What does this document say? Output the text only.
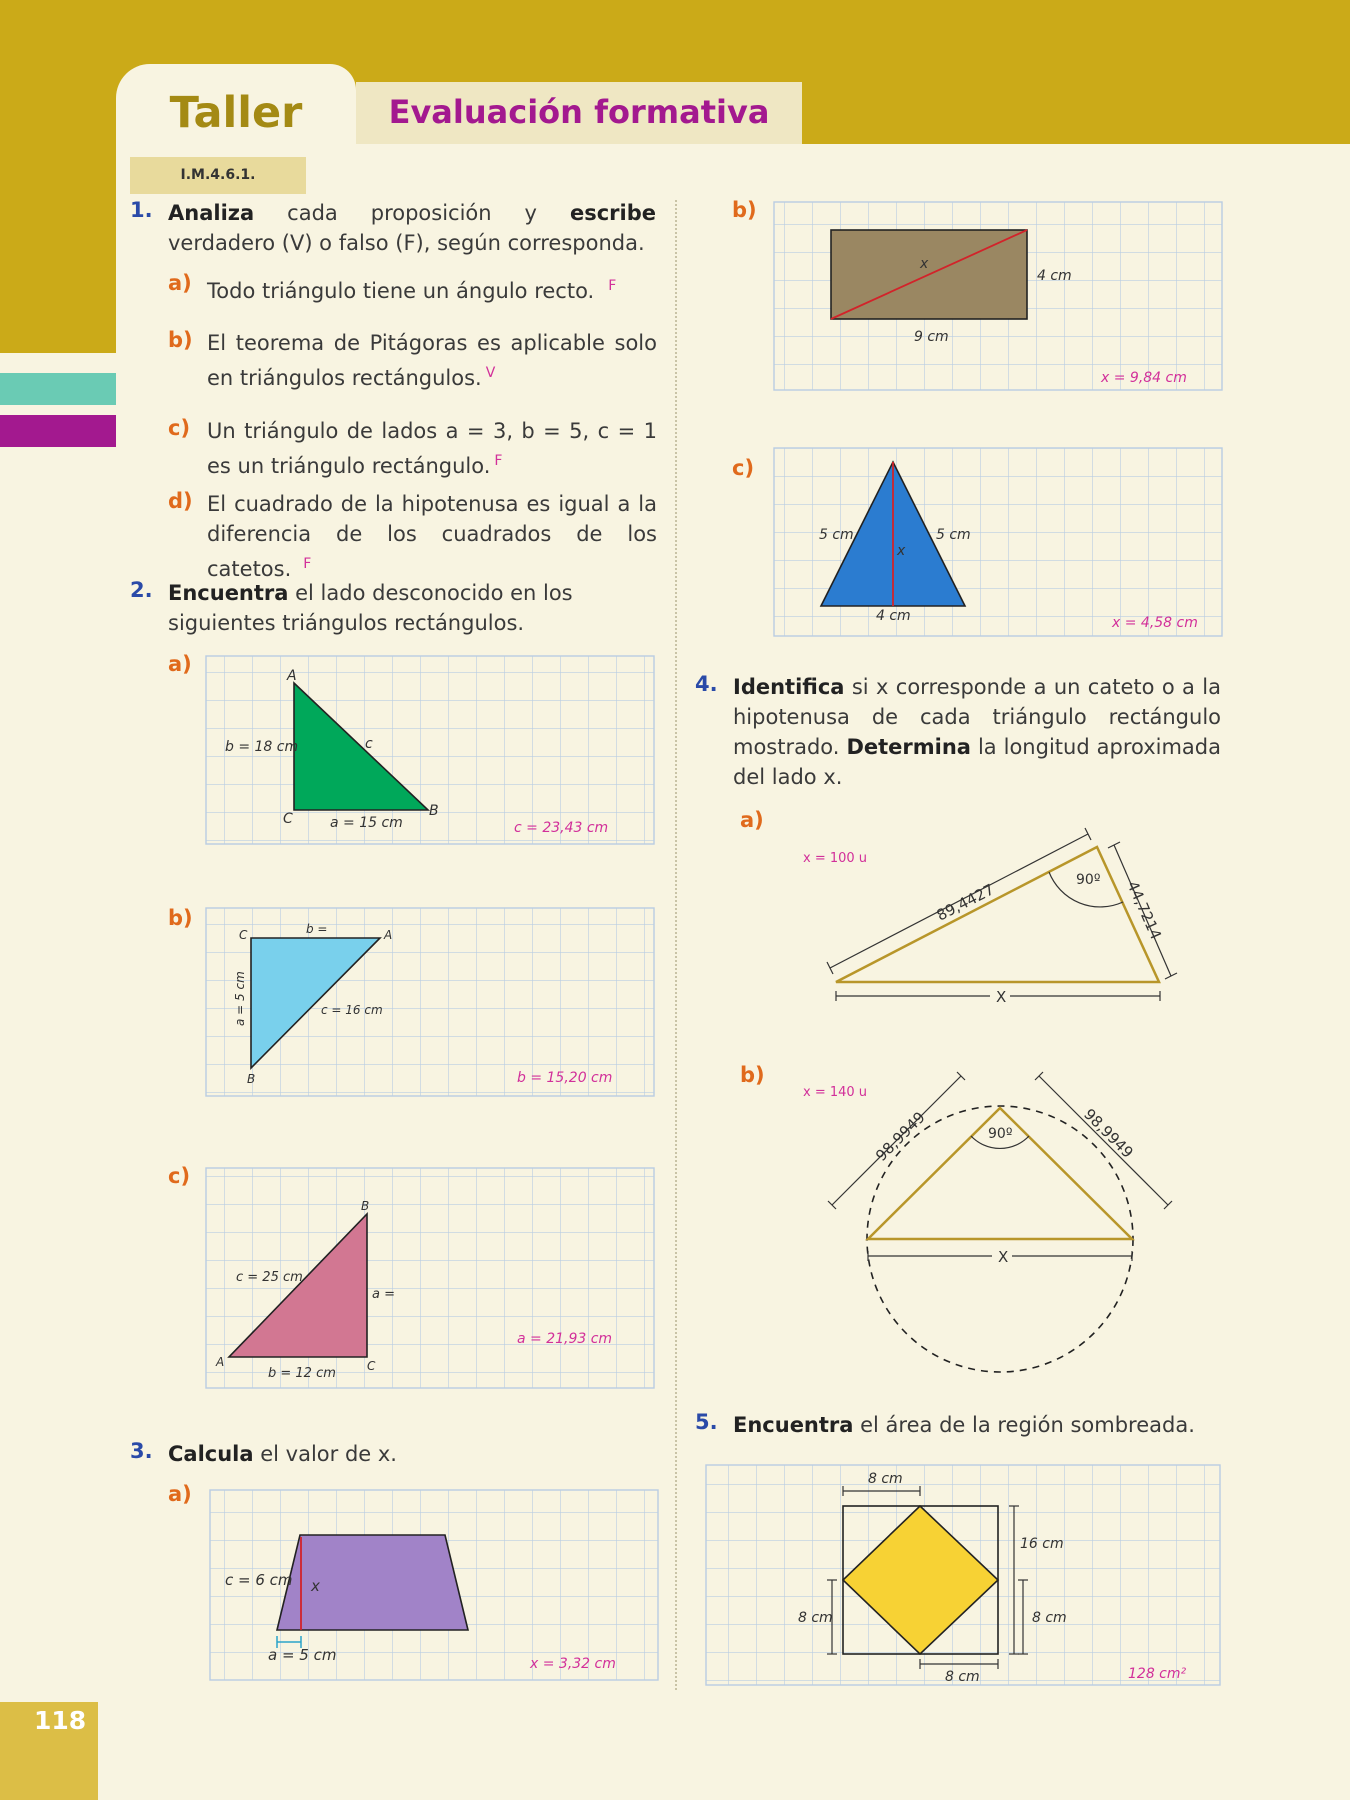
Taller	Evaluación formativa
I.M.4.6.1.
1. Analiza cada proposición y escribe verdadero (V) o falso (F), según corresponda.
a) Todo triángulo tiene un ángulo recto. $^F$
b) El teorema de Pitágoras es aplicable solo en triángulos rectángulos. $^V$
c) Un triángulo de lados a = 3, b = 5, c = 1 es un triángulo rectángulo. $^F$
d) El cuadrado de la hipotenusa es igual a la diferencia de los cuadrados de los catetos. $^F$
2. Encuentra el lado desconocido en los siguientes triángulos rectángulos.
a)	A
B
C
b = 18 cm	c
a = 15 cm	c = 23,43 cm
C	A
B
b =
c = 16 cm
a = 5 cm
b = 15,20 cm
B
A	C
c = 25 cm
a =
b = 12 cm
a = 21,93 cm
c = 6 cm x
a = 5 cm	x = 3,32 cm
x
4 cm
9 cm
x = 9,84 cm
5 cm	5 cm
x
4 cm	x = 4,58 cm
X
89,4427	44,7214
90º
x = 100 u
X
98,9949	98,9949
90º
x = 140 u
8 cm
16 cm
8 cm	8 cm
8 cm	128 cm²
b)
c)
3. Calcula el valor de x.
a)
b)
c)
4. Identifica si x corresponde a un cateto o a la hipotenusa de cada triángulo rectángulo mostrado. Determina la longitud aproximada del lado x.
a)
b)
5. Encuentra el área de la región sombreada.
118
